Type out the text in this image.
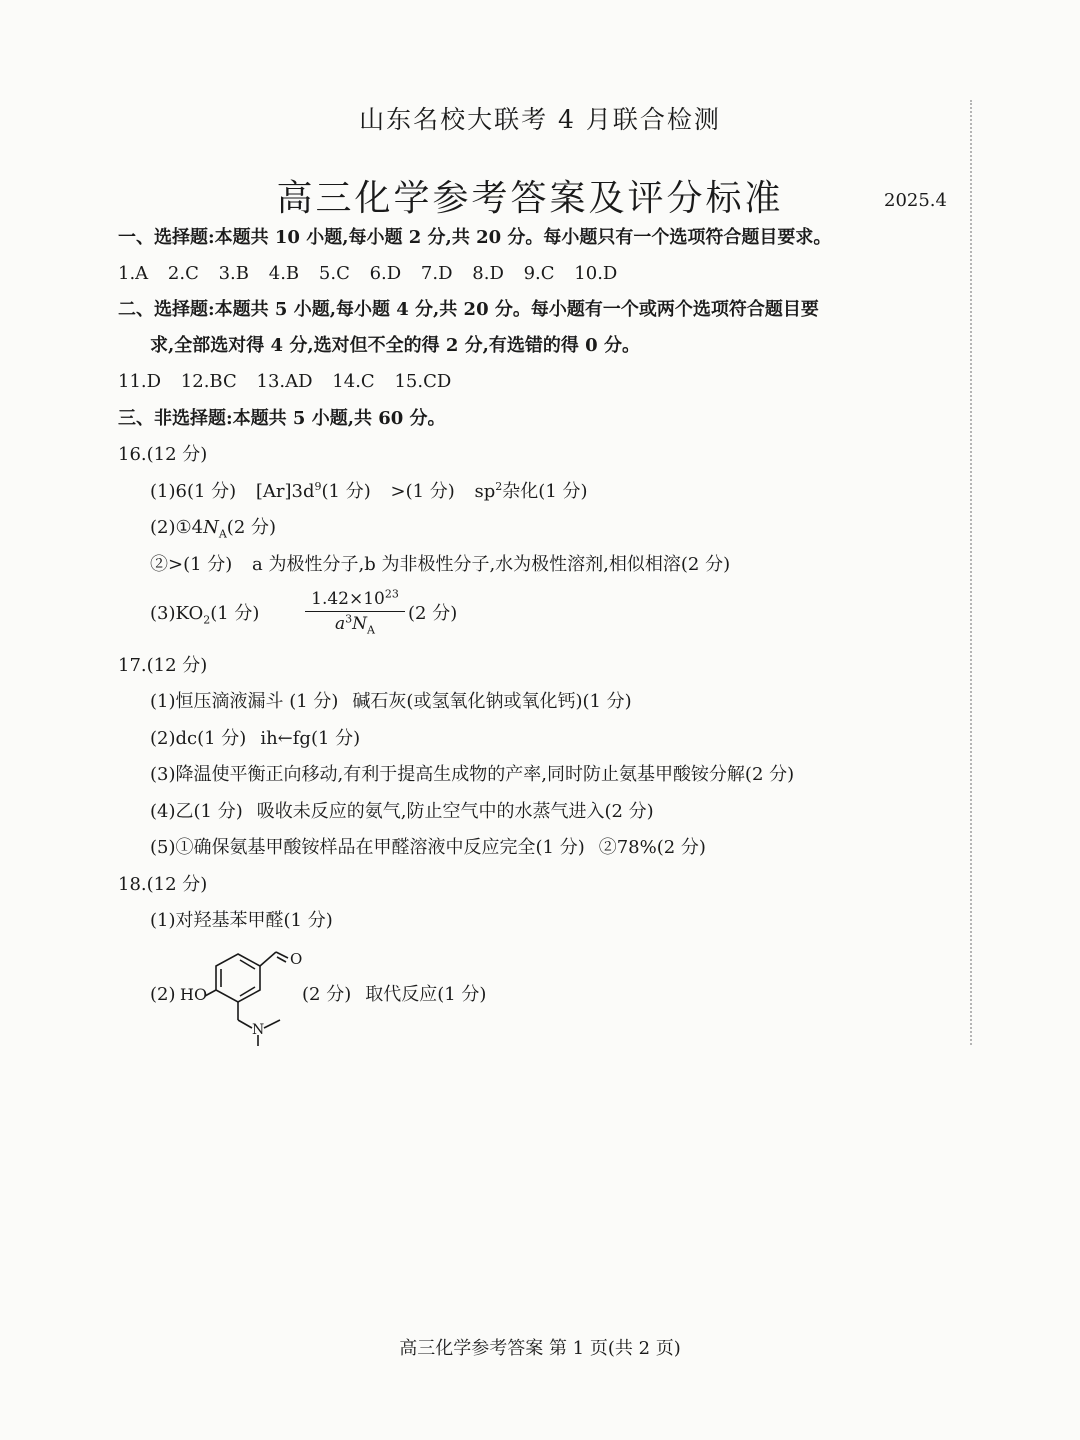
山东名校大联考 4 月联合检测
高三化学参考答案及评分标准	2025.4
一、选择题:本题共 10 小题,每小题 2 分,共 20 分。每小题只有一个选项符合题目要求。
1.A 2.C 3.B 4.B 5.C 6.D 7.D 8.D 9.C 10.D
二、选择题:本题共 5 小题,每小题 4 分,共 20 分。每小题有一个或两个选项符合题目要
求,全部选对得 4 分,选对但不全的得 2 分,有选错的得 0 分。
11.D 12.BC 13.AD 14.C 15.CD
三、非选择题:本题共 5 小题,共 60 分。
16.(12 分)
(1)6(1 分) $[Ar]3d^9(1$ 分) >(1 分) $sp^2$杂化(1 分)
$(2)①4N_A(2$ 分)
②>(1 分) a 为极性分子,b 为非极性分子,水为极性溶剂,相似相溶(2 分)
$(3)KO_2(1$ 分)	$\frac{1.42\times 10^{23}}{a^3N_A} (2$ 分)
17.(12 分)
(1)恒压滴液漏斗 (1 分) 碱石灰(或氢氧化钠或氧化钙)(1 分)
(2)dc(1 分) ih←fg(1 分)
(3)降温使平衡正向移动,有利于提高生成物的产率,同时防止氨基甲酸铵分解(2 分)
(4)乙(1 分) 吸收未反应的氨气,防止空气中的水蒸气进入(2 分)
(5)①确保氨基甲酸铵样品在甲醛溶液中反应完全(1 分) ②78%(2 分)
18.(12 分)
(1)对羟基苯甲醛(1 分)
(2)
O
HO
N
(2 分) 取代反应(1 分)
高三化学参考答案 第 1 页(共 2 页)
